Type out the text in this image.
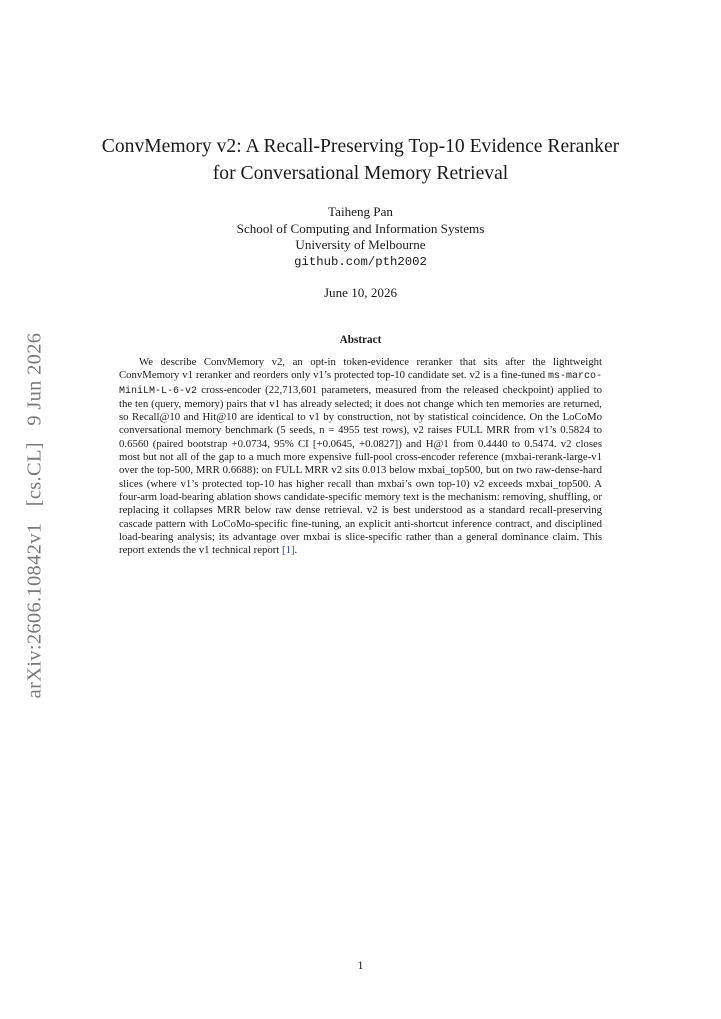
arXiv:2606.10842v1 [cs.CL] 9 Jun 2026
ConvMemory v2: A Recall-Preserving Top-10 Evidence Reranker
for Conversational Memory Retrieval
Taiheng Pan
School of Computing and Information Systems
University of Melbourne
github.com/pth2002
June 10, 2026
Abstract
We describe ConvMemory v2, an opt-in token-evidence reranker that sits after the lightweight ConvMemory v1 reranker and reorders only v1’s protected top-10 candidate set. v2 is a fine-tuned ms-marco-MiniLM-L-6-v2 cross-encoder (22,713,601 parameters, measured from the released checkpoint) applied to the ten (query, memory) pairs that v1 has already selected; it does not change which ten memories are returned, so Recall@10 and Hit@10 are identical to v1 by construction, not by statistical coincidence. On the LoCoMo conversational memory benchmark (5 seeds, n = 4955 test rows), v2 raises FULL MRR from v1’s 0.5824 to 0.6560 (paired bootstrap +0.0734, 95% CI [+0.0645, +0.0827]) and H@1 from 0.4440 to 0.5474. v2 closes most but not all of the gap to a much more expensive full-pool cross-encoder reference (mxbai-rerank-large-v1 over the top-500, MRR 0.6688): on FULL MRR v2 sits 0.013 below mxbai_top500, but on two raw-dense-hard slices (where v1’s protected top-10 has higher recall than mxbai’s own top-10) v2 exceeds mxbai_top500. A four-arm load-bearing ablation shows candidate-specific memory text is the mechanism: removing, shuffling, or replacing it collapses MRR below raw dense retrieval. v2 is best understood as a standard recall-preserving cascade pattern with LoCoMo-specific fine-tuning, an explicit anti-shortcut inference contract, and disciplined load-bearing analysis; its advantage over mxbai is slice-specific rather than a general dominance claim. This report extends the v1 technical report [1].
1
